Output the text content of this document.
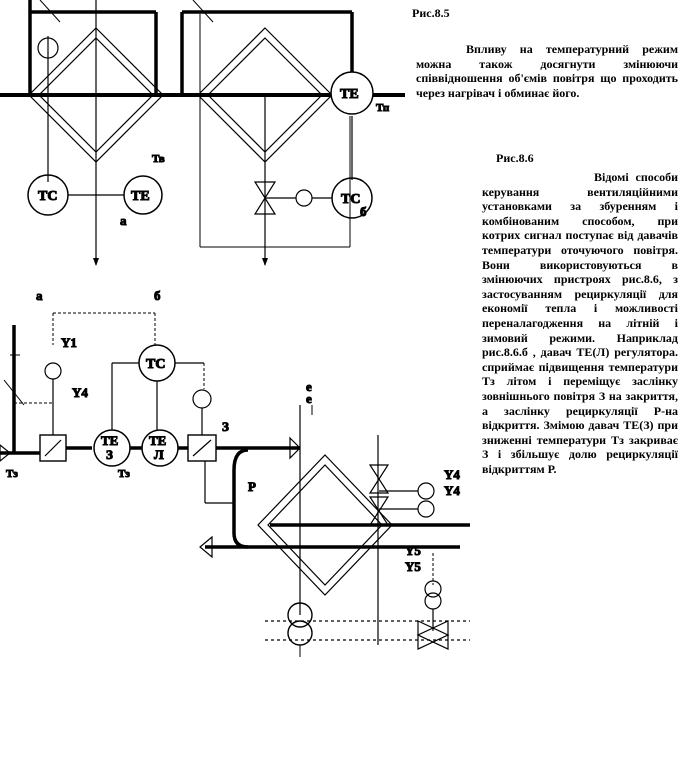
ТС	ТЕ
а
Тв
ТЕ
Тп
ТС
б
Рис.8.5
Впливу на температурний режим можна також досягнути змінюючи співвідношення об'ємів повітря що проходить через нагрівач і обминає його.
а	б
Y1
Y4
ТС
ТЕ
З
ТЕ
Л
З
Р
Тз	Тз
е
е
Y4
Y4
Y5
Y5
Рис.8.6
Відомі способи керування вентиляційними установками за збуренням і комбінованим способом, при котрих сигнал поступає від давачів температури оточуючого повітря. Вони використовуються в змінюючих пристроях рис.8.6, з застосуванням рециркуляції для економії тепла і можливості переналагодження на літній і зимовий режими. Наприклад рис.8.6.б , давач ТЕ(Л) регулятора. сприймає підвищення температури Тз літом і переміщує заслінку зовнішнього повітря З на закриття, а заслінку рециркуляції Р-на відкриття. Змімою давач ТЕ(З) при зниженні температури Тз закриває З і збільшує долю рециркуляції відкриттям Р.
